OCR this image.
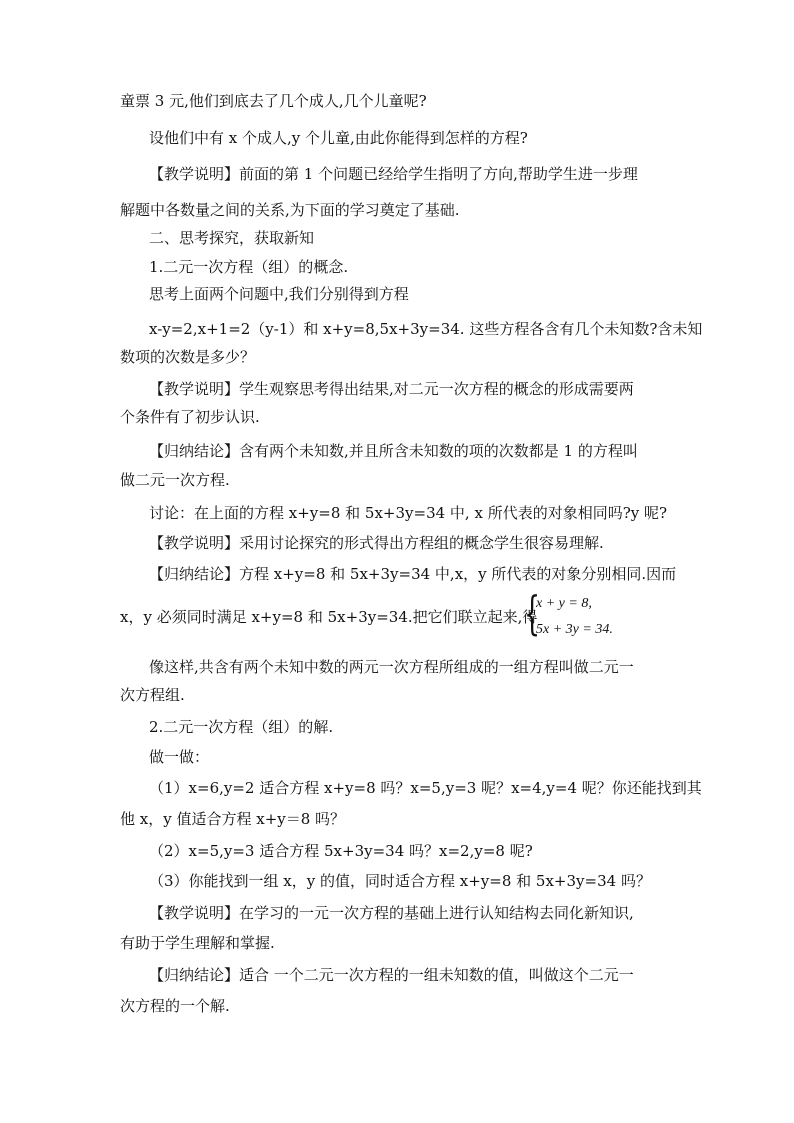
童票 3 元,他们到底去了几个成人,几个儿童呢?
设他们中有 x 个成人,y 个儿童,由此你能得到怎样的方程?
【教学说明】前面的第 1 个问题已经给学生指明了方向,帮助学生进一步理
解题中各数量之间的关系,为下面的学习奠定了基础.
二、思考探究，获取新知
1.二元一次方程（组）的概念.
思考上面两个问题中,我们分别得到方程
x-y=2,x+1=2（y-1）和 x+y=8,5x+3y=34. 这些方程各含有几个未知数?含未知
数项的次数是多少？
【教学说明】学生观察思考得出结果,对二元一次方程的概念的形成需要两
个条件有了初步认识.
【归纳结论】含有两个未知数,并且所含未知数的项的次数都是 1 的方程叫
做二元一次方程.
讨论：在上面的方程 x+y=8 和 5x+3y=34 中, x 所代表的对象相同吗?y 呢?
【教学说明】采用讨论探究的形式得出方程组的概念学生很容易理解.
【归纳结论】方程 x+y=8 和 5x+3y=34 中,x，y 所代表的对象分别相同.因而
x，y 必须同时满足 x+y=8 和 5x+3y=34.把它们联立起来,得
{
x + y = 8,
5x + 3y = 34.
像这样,共含有两个未知中数的两元一次方程所组成的一组方程叫做二元一
次方程组.
2.二元一次方程（组）的解.
做一做：
（1）x=6,y=2 适合方程 x+y=8 吗？x=5,y=3 呢？x=4,y=4 呢？你还能找到其
他 x，y 值适合方程 x+y＝8 吗？
（2）x=5,y=3 适合方程 5x+3y=34 吗？x=2,y=8 呢?
（3）你能找到一组 x，y 的值，同时适合方程 x+y=8 和 5x+3y=34 吗？
【教学说明】在学习的一元一次方程的基础上进行认知结构去同化新知识,
有助于学生理解和掌握.
【归纳结论】适合 一个二元一次方程的一组未知数的值，叫做这个二元一
次方程的一个解.
